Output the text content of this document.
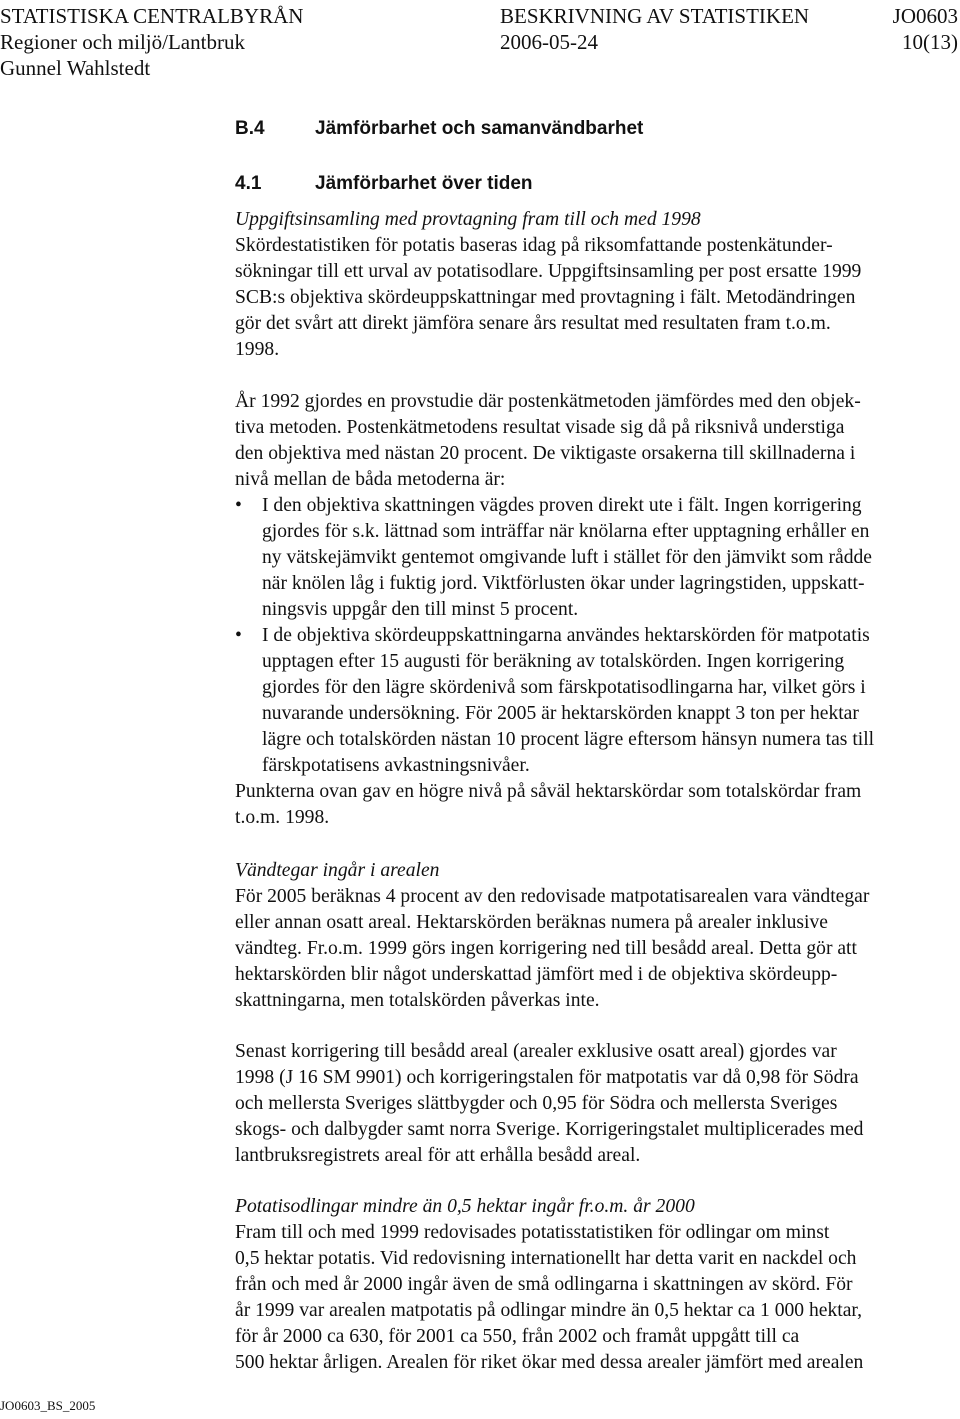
STATISTISKA CENTRALBYRÅN	BESKRIVNING AV STATISTIKEN	JO0603
Regioner och miljö/Lantbruk	2006-05-24	10(13)
Gunnel Wahlstedt
B.4	Jämförbarhet och samanvändbarhet
4.1	Jämförbarhet över tiden

Uppgiftsinsamling med provtagning fram till och med 1998

Skördestatistiken för potatis baseras idag på riksomfattande postenkätunder-
sökningar till ett urval av potatisodlare. Uppgiftsinsamling per post ersatte 1999
SCB:s objektiva skördeuppskattningar med provtagning i fält. Metodändringen
gör det svårt att direkt jämföra senare års resultat med resultaten fram t.o.m.
1998.
År 1992 gjordes en provstudie där postenkätmetoden jämfördes med den objek-
tiva metoden. Postenkätmetodens resultat visade sig då på riksnivå understiga
den objektiva med nästan 20 procent. De viktigaste orsakerna till skillnaderna i
nivå mellan de båda metoderna är:
• I den objektiva skattningen vägdes proven direkt ute i fält. Ingen korrigering
gjordes för s.k. lättnad som inträffar när knölarna efter upptagning erhåller en
ny vätskejämvikt gentemot omgivande luft i stället för den jämvikt som rådde
när knölen låg i fuktig jord. Viktförlusten ökar under lagringstiden, uppskatt-
ningsvis uppgår den till minst 5 procent.
• I de objektiva skördeuppskattningarna användes hektarskörden för matpotatis
upptagen efter 15 augusti för beräkning av totalskörden. Ingen korrigering
gjordes för den lägre skördenivå som färskpotatisodlingarna har, vilket görs i
nuvarande undersökning. För 2005 är hektarskörden knappt 3 ton per hektar
lägre och totalskörden nästan 10 procent lägre eftersom hänsyn numera tas till
färskpotatisens avkastningsnivåer.
Punkterna ovan gav en högre nivå på såväl hektarskördar som totalskördar fram
t.o.m. 1998.
Vändtegar ingår i arealen
För 2005 beräknas 4 procent av den redovisade matpotatisarealen vara vändtegar
eller annan osatt areal. Hektarskörden beräknas numera på arealer inklusive
vändteg. Fr.o.m. 1999 görs ingen korrigering ned till besådd areal. Detta gör att
hektarskörden blir något underskattad jämfört med i de objektiva skördeupp-
skattningarna, men totalskörden påverkas inte.
Senast korrigering till besådd areal (arealer exklusive osatt areal) gjordes var
1998 (J 16 SM 9901) och korrigeringstalen för matpotatis var då 0,98 för Södra
och mellersta Sveriges slättbygder och 0,95 för Södra och mellersta Sveriges
skogs- och dalbygder samt norra Sverige. Korrigeringstalet multiplicerades med
lantbruksregistrets areal för att erhålla besådd areal.
Potatisodlingar mindre än 0,5 hektar ingår fr.o.m. år 2000
Fram till och med 1999 redovisades potatisstatistiken för odlingar om minst
0,5 hektar potatis. Vid redovisning internationellt har detta varit en nackdel och
från och med år 2000 ingår även de små odlingarna i skattningen av skörd. För
år 1999 var arealen matpotatis på odlingar mindre än 0,5 hektar ca 1 000 hektar,
för år 2000 ca 630, för 2001 ca 550, från 2002 och framåt uppgått till ca
500 hektar årligen. Arealen för riket ökar med dessa arealer jämfört med arealen
JO0603_BS_2005
